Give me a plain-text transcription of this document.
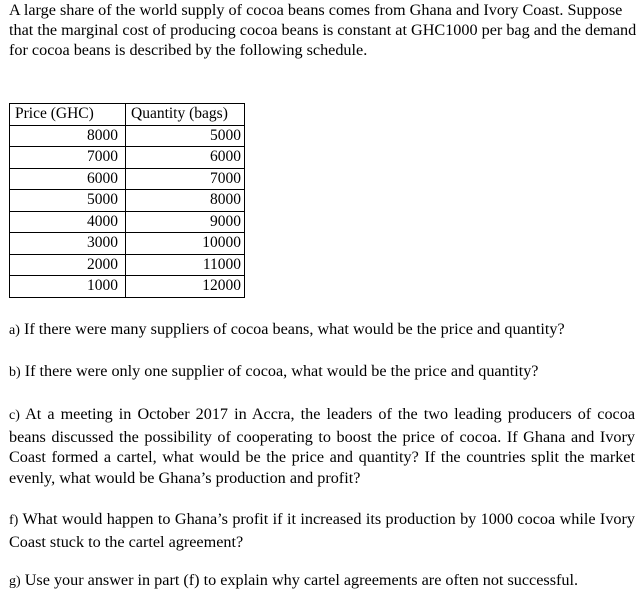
A large share of the world supply of cocoa beans comes from Ghana and Ivory Coast. Suppose that the marginal cost of producing cocoa beans is constant at GHC1000 per bag and the demand for cocoa beans is described by the following schedule.
Price (GHC)	Quantity (bags)
8000	5000
7000	6000
6000	7000
5000	8000
4000	9000
3000	10000
2000	11000
1000	12000
a) If there were many suppliers of cocoa beans, what would be the price and quantity?
b) If there were only one supplier of cocoa, what would be the price and quantity?
c) At a meeting in October 2017 in Accra, the leaders of the two leading producers of cocoa beans discussed the possibility of cooperating to boost the price of cocoa. If Ghana and Ivory Coast formed a cartel, what would be the price and quantity? If the countries split the market evenly, what would be Ghana’s production and profit?
f) What would happen to Ghana’s profit if it increased its production by 1000 cocoa while Ivory Coast stuck to the cartel agreement?
g) Use your answer in part (f) to explain why cartel agreements are often not successful.
